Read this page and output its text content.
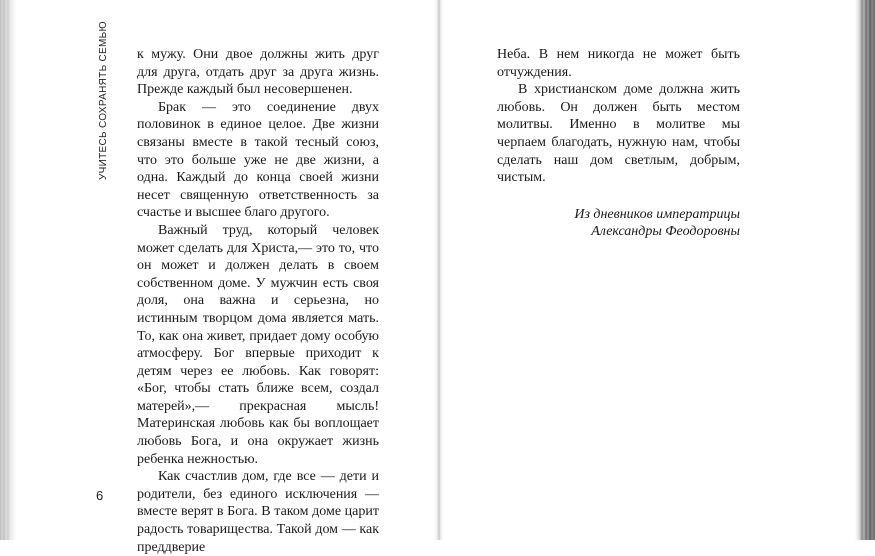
УЧИТЕСЬ СОХРАНЯТЬ СЕМЬЮ к мужу. Они двое должны жить друг для друга, отдать друг за друга жизнь. Прежде каждый был несовершенен.

Брак — это соединение двух половинок в единое целое. Две жизни связаны вместе в такой тесный союз, что это больше уже не две жизни, а одна. Каждый до конца своей жизни несет священную ответственность за счастье и высшее благо другого.

Важный труд, который человек может сделать для Христа,— это то, что он может и должен делать в своем собственном доме. У мужчин есть своя доля, она важна и серьезна, но истинным творцом дома является мать. То, как она живет, придает дому особую атмосферу. Бог впервые приходит к детям через ее любовь. Как говорят: «Бог, чтобы стать ближе всем, создал матерей»,— прекрасная мысль! Материнская любовь как бы воплощает любовь Бога, и она окружает жизнь ребенка нежностью.

Как счастлив дом, где все — дети и родители, без единого исключения — вместе верят в Бога. В таком доме царит радость товарищества. Такой дом — как преддверие

6

Неба. В нем никогда не может быть отчуждения.

В христианском доме должна жить любовь. Он должен быть местом молитвы. Именно в молитве мы черпаем благодать, нужную нам, чтобы сделать наш дом светлым, добрым, чистым.

Из дневников императрицы
Александры Феодоровны
